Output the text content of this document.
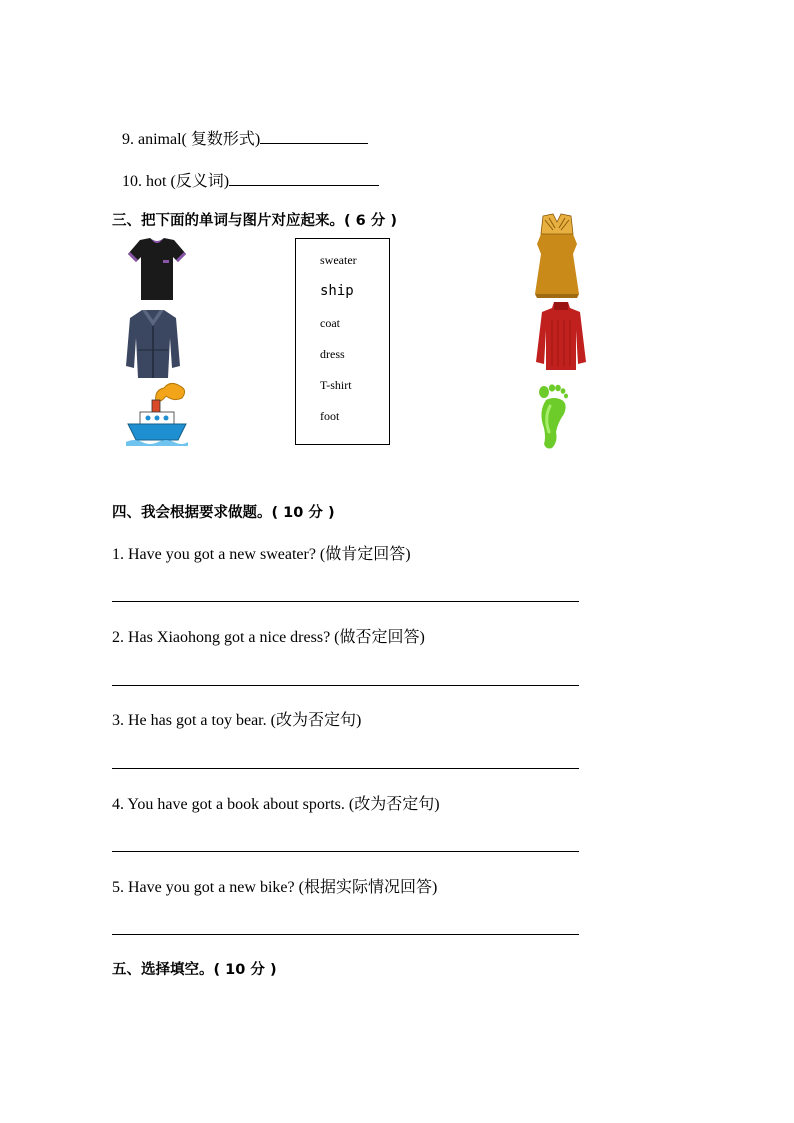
9. animal( 复数形式)
10. hot (反义词)
三、把下面的单词与图片对应起来。( 6 分 )
sweater
ship
coat
dress
T-shirt
foot
四、我会根据要求做题。( 10 分 )
1. Have you got a new sweater? (做肯定回答)
2. Has Xiaohong got a nice dress? (做否定回答)
3. He has got a toy bear. (改为否定句)
4. You have got a book about sports. (改为否定句)
5. Have you got a new bike? (根据实际情况回答)
五、选择填空。( 10 分 )
